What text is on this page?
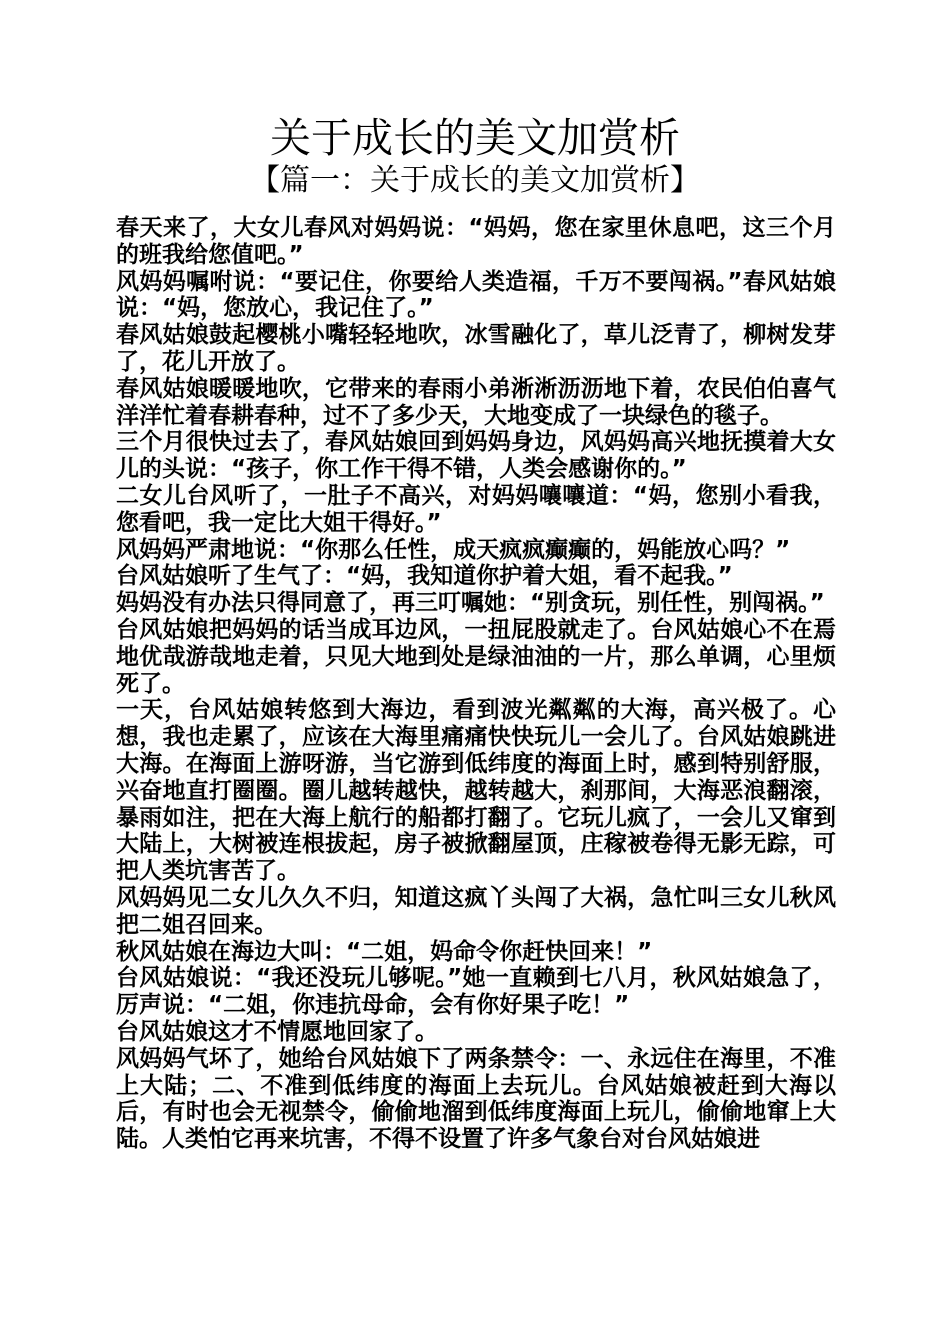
关于成长的美文加赏析
【篇一：关于成长的美文加赏析】

春天来了，大女儿春风对妈妈说：“妈妈，您在家里休息吧，这三个月的班我给您值吧。”

风妈妈嘱咐说：“要记住，你要给人类造福，千万不要闯祸。”春风姑娘说：“妈，您放心，我记住了。”

春风姑娘鼓起樱桃小嘴轻轻地吹，冰雪融化了，草儿泛青了，柳树发芽了，花儿开放了。

春风姑娘暖暖地吹，它带来的春雨小弟淅淅沥沥地下着，农民伯伯喜气洋洋忙着春耕春种，过不了多少天，大地变成了一块绿色的毯子。

三个月很快过去了，春风姑娘回到妈妈身边，风妈妈高兴地抚摸着大女儿的头说：“孩子，你工作干得不错，人类会感谢你的。”

二女儿台风听了，一肚子不高兴，对妈妈嚷嚷道：“妈，您别小看我，您看吧，我一定比大姐干得好。”

风妈妈严肃地说：“你那么任性，成天疯疯癫癫的，妈能放心吗？”

台风姑娘听了生气了：“妈，我知道你护着大姐，看不起我。”

妈妈没有办法只得同意了，再三叮嘱她：“别贪玩，别任性，别闯祸。”

台风姑娘把妈妈的话当成耳边风，一扭屁股就走了。台风姑娘心不在焉地优哉游哉地走着，只见大地到处是绿油油的一片，那么单调，心里烦死了。

一天，台风姑娘转悠到大海边，看到波光粼粼的大海，高兴极了。心想，我也走累了，应该在大海里痛痛快快玩儿一会儿了。台风姑娘跳进大海。在海面上游呀游，当它游到低纬度的海面上时，感到特别舒服，兴奋地直打圈圈。圈儿越转越快，越转越大，刹那间，大海恶浪翻滚，暴雨如注，把在大海上航行的船都打翻了。它玩儿疯了，一会儿又窜到大陆上，大树被连根拔起，房子被掀翻屋顶，庄稼被卷得无影无踪，可把人类坑害苦了。

风妈妈见二女儿久久不归，知道这疯丫头闯了大祸，急忙叫三女儿秋风把二姐召回来。

秋风姑娘在海边大叫：“二姐，妈命令你赶快回来！”

台风姑娘说：“我还没玩儿够呢。”她一直赖到七八月，秋风姑娘急了，厉声说：“二姐，你违抗母命，会有你好果子吃！”

台风姑娘这才不情愿地回家了。

风妈妈气坏了，她给台风姑娘下了两条禁令：一、永远住在海里，不准上大陆；二、不准到低纬度的海面上去玩儿。台风姑娘被赶到大海以后，有时也会无视禁令，偷偷地溜到低纬度海面上玩儿，偷偷地窜上大陆。人类怕它再来坑害，不得不设置了许多气象台对台风姑娘进
